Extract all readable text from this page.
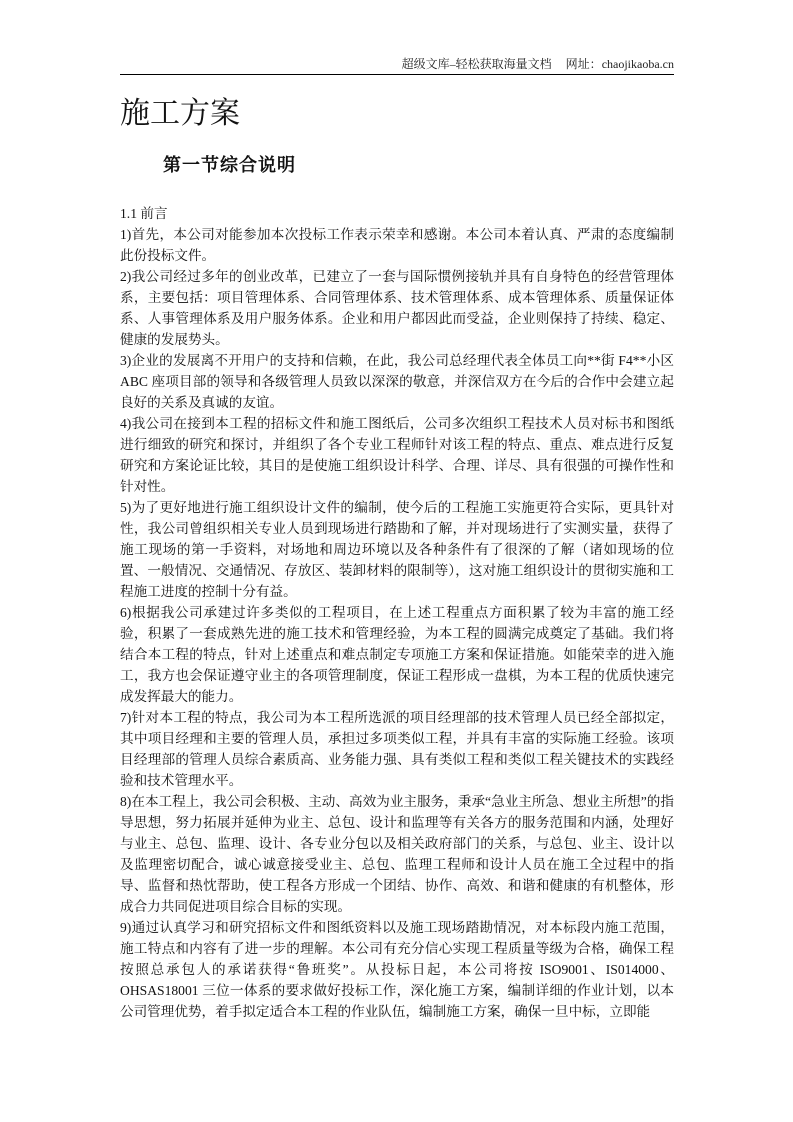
超级文库–轻松获取海量文档 网址：chaojikaoba.cn
施工方案
第一节综合说明
1.1 前言

1)首先，本公司对能参加本次投标工作表示荣幸和感谢。本公司本着认真、严肃的态度编制此份投标文件。

2)我公司经过多年的创业改革，已建立了一套与国际惯例接轨并具有自身特色的经营管理体系，主要包括：项目管理体系、合同管理体系、技术管理体系、成本管理体系、质量保证体系、人事管理体系及用户服务体系。企业和用户都因此而受益，企业则保持了持续、稳定、健康的发展势头。

3)企业的发展离不开用户的支持和信赖，在此，我公司总经理代表全体员工向**街 F4**小区 ABC 座项目部的领导和各级管理人员致以深深的敬意，并深信双方在今后的合作中会建立起良好的关系及真诚的友谊。

4)我公司在接到本工程的招标文件和施工图纸后，公司多次组织工程技术人员对标书和图纸进行细致的研究和探讨，并组织了各个专业工程师针对该工程的特点、重点、难点进行反复研究和方案论证比较，其目的是使施工组织设计科学、合理、详尽、具有很强的可操作性和针对性。

5)为了更好地进行施工组织设计文件的编制，使今后的工程施工实施更符合实际，更具针对性，我公司曾组织相关专业人员到现场进行踏勘和了解，并对现场进行了实测实量，获得了施工现场的第一手资料，对场地和周边环境以及各种条件有了很深的了解（诸如现场的位置、一般情况、交通情况、存放区、装卸材料的限制等），这对施工组织设计的贯彻实施和工程施工进度的控制十分有益。

6)根据我公司承建过许多类似的工程项目，在上述工程重点方面积累了较为丰富的施工经验，积累了一套成熟先进的施工技术和管理经验，为本工程的圆满完成奠定了基础。我们将结合本工程的特点，针对上述重点和难点制定专项施工方案和保证措施。如能荣幸的进入施工，我方也会保证遵守业主的各项管理制度，保证工程形成一盘棋，为本工程的优质快速完成发挥最大的能力。

7)针对本工程的特点，我公司为本工程所选派的项目经理部的技术管理人员已经全部拟定，其中项目经理和主要的管理人员，承担过多项类似工程，并具有丰富的实际施工经验。该项目经理部的管理人员综合素质高、业务能力强、具有类似工程和类似工程关键技术的实践经验和技术管理水平。

8)在本工程上，我公司会积极、主动、高效为业主服务，秉承“急业主所急、想业主所想”的指导思想，努力拓展并延伸为业主、总包、设计和监理等有关各方的服务范围和内涵，处理好与业主、总包、监理、设计、各专业分包以及相关政府部门的关系，与总包、业主、设计以及监理密切配合，诚心诚意接受业主、总包、监理工程师和设计人员在施工全过程中的指导、监督和热忱帮助，使工程各方形成一个团结、协作、高效、和谐和健康的有机整体，形成合力共同促进项目综合目标的实现。

9)通过认真学习和研究招标文件和图纸资料以及施工现场踏勘情况，对本标段内施工范围，施工特点和内容有了进一步的理解。本公司有充分信心实现工程质量等级为合格，确保工程按照总承包人的承诺获得“鲁班奖”。从投标日起，本公司将按 ISO9001、IS014000、OHSAS18001 三位一体系的要求做好投标工作，深化施工方案，编制详细的作业计划，以本公司管理优势，着手拟定适合本工程的作业队伍，编制施工方案，确保一旦中标，立即能
